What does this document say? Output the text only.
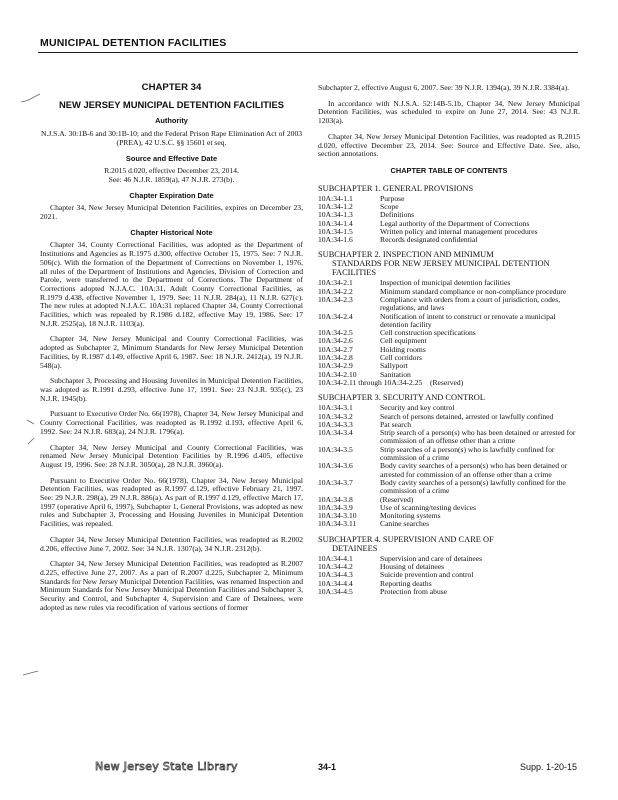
MUNICIPAL DETENTION FACILITIES
CHAPTER 34
NEW JERSEY MUNICIPAL DETENTION FACILITIES
Authority

N.J.S.A. 30:1B-6 and 30:1B-10; and the Federal Prison Rape Elimination Act of 2003 (PREA), 42 U.S.C. §§ 15601 et seq.

Source and Effective Date
R.2015 d.020, effective December 23, 2014.
See: 46 N.J.R. 1859(a), 47 N.J.R. 273(b).
Chapter Expiration Date

Chapter 34, New Jersey Municipal Detention Facilities, expires on December 23, 2021.

Chapter Historical Note

Chapter 34, County Correctional Facilities, was adopted as the Department of Institutions and Agencies as R.1975 d.300, effective October 15, 1975. See: 7 N.J.R. 506(c). With the formation of the Department of Corrections on November 1, 1976, all rules of the Department of Institutions and Agencies, Division of Correction and Parole, were transferred to the Department of Corrections. The Department of Corrections adopted N.J.A.C. 10A:31, Adult County Correctional Facilities, as R.1979 d.438, effective November 1, 1979. See: 11 N.J.R. 284(a), 11 N.J.R. 627(c). The new rules at adopted N.J.A.C. 10A:31 replaced Chapter 34, County Correctional Facilities, which was repealed by R.1986 d.182, effective May 19, 1986. See: 17 N.J.R. 2525(a), 18 N.J.R. 1103(a).

Chapter 34, New Jersey Municipal and County Correctional Facilities, was adopted as Subchapter 2, Minimum Standards for New Jersey Municipal Detention Facilities, by R.1987 d.149, effective April 6, 1987. See: 18 N.J.R. 2412(a), 19 N.J.R. 548(a).

Subchapter 3, Processing and Housing Juveniles in Municipal Detention Facilities, was adopted as R.1991 d.293, effective June 17, 1991. See: 23 N.J.R. 935(c), 23 N.J.R. 1945(b).

Pursuant to Executive Order No. 66(1978), Chapter 34, New Jersey Municipal and County Correctional Facilities, was readopted as R.1992 d.193, effective April 6, 1992. See: 24 N.J.R. 683(a), 24 N.J.R. 1796(a).

Chapter 34, New Jersey Municipal and County Correctional Facilities, was renamed New Jersey Municipal Detention Facilities by R.1996 d.405, effective August 19, 1996. See: 28 N.J.R. 3050(a), 28 N.J.R. 3960(a).

Pursuant to Executive Order No. 66(1978), Chapter 34, New Jersey Municipal Detention Facilities, was readopted as R.1997 d.129, effective February 21, 1997. See: 29 N.J.R. 298(a), 29 N.J.R. 886(a). As part of R.1997 d.129, effective March 17, 1997 (operative April 6, 1997), Subchapter 1, General Provisions, was adopted as new rules and Subchapter 3, Processing and Housing Juveniles in Municipal Detention Facilities, was repealed.

Chapter 34, New Jersey Municipal Detention Facilities, was readopted as R.2002 d.206, effective June 7, 2002. See: 34 N.J.R. 1307(a), 34 N.J.R. 2312(b).

Chapter 34, New Jersey Municipal Detention Facilities, was readopted as R.2007 d.225, effective June 27, 2007. As a part of R.2007 d.225, Subchapter 2, Minimum Standards for New Jersey Municipal Detention Facilities, was renamed Inspection and Minimum Standards for New Jersey Municipal Detention Facilities and Subchapter 3, Security and Control, and Subchapter 4, Supervision and Care of Detainees, were adopted as new rules via recodification of various sections of former

Subchapter 2, effective August 6, 2007. See: 39 N.J.R. 1394(a), 39 N.J.R. 3384(a).

In accordance with N.J.S.A. 52:14B-5.1b, Chapter 34, New Jersey Municipal Detention Facilities, was scheduled to expire on June 27, 2014. See: 43 N.J.R. 1203(a).

Chapter 34, New Jersey Municipal Detention Facilities, was readopted as R.2015 d.020, effective December 23, 2014. See: Source and Effective Date. See, also, section annotations.

CHAPTER TABLE OF CONTENTS
SUBCHAPTER 1. GENERAL PROVISIONS
10A:34-1.1	Purpose
10A:34-1.2	Scope
10A:34-1.3	Definitions
10A:34-1.4	Legal authority of the Department of Corrections
10A:34-1.5	Written policy and internal management procedures
10A:34-1.6	Records designated confidential
SUBCHAPTER 2. INSPECTION AND MINIMUM
STANDARDS FOR NEW JERSEY MUNICIPAL DETENTION FACILITIES
10A:34-2.1	Inspection of municipal detention facilities
10A:34-2.2	Minimum standard compliance or non-compliance procedure
10A:34-2.3	Compliance with orders from a court of jurisdiction, codes, regulations, and laws
10A:34-2.4	Notification of intent to construct or renovate a municipal detention facility
10A:34-2.5	Cell construction specifications
10A:34-2.6	Cell equipment
10A:34-2.7	Holding rooms
10A:34-2.8	Cell corridors
10A:34-2.9	Sallyport
10A:34-2.10	Sanitation
10A:34-2.11 through 10A:34-2.25 (Reserved)	
SUBCHAPTER 3. SECURITY AND CONTROL
10A:34-3.1	Security and key control
10A:34-3.2	Search of persons detained, arrested or lawfully confined
10A:34-3.3	Pat search
10A:34-3.4	Strip search of a person(s) who has been detained or arrested for commission of an offense other than a crime
10A:34-3.5	Strip searches of a person(s) who is lawfully confined for commission of a crime
10A:34-3.6	Body cavity searches of a person(s) who has been detained or arrested for commission of an offense other than a crime
10A:34-3.7	Body cavity searches of a person(s) lawfully confined for the commission of a crime
10A:34-3.8	(Reserved)
10A:34-3.9	Use of scanning/testing devices
10A:34-3.10	Monitoring systems
10A:34-3.11	Canine searches
SUBCHAPTER 4. SUPERVISION AND CARE OF
DETAINEES
10A:34-4.1	Supervision and care of detainees
10A:34-4.2	Housing of detainees
10A:34-4.3	Suicide prevention and control
10A:34-4.4	Reporting deaths
10A:34-4.5	Protection from abuse
New Jersey State Library	34-1	Supp. 1-20-15
